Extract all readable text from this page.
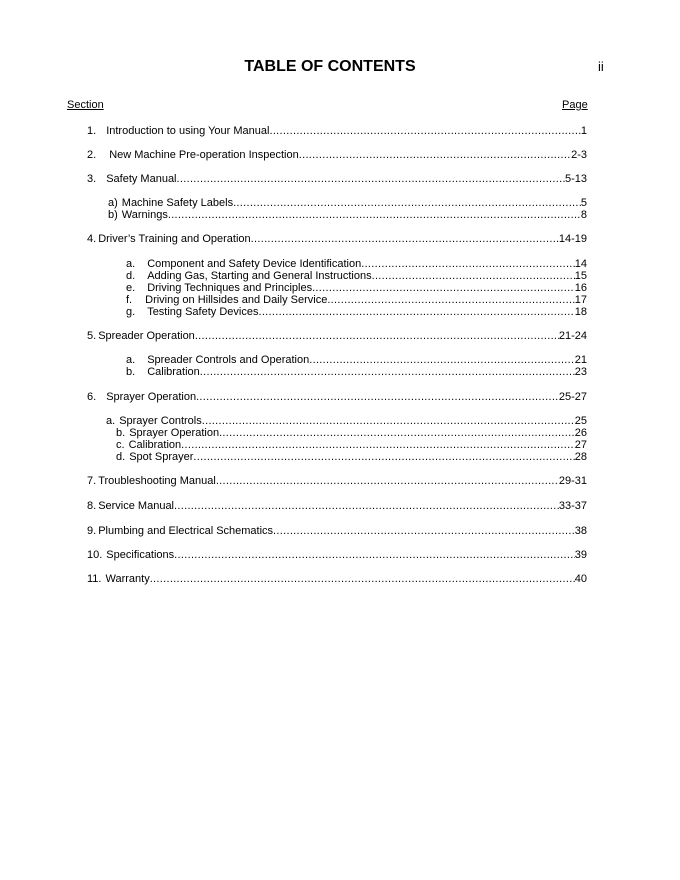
TABLE OF CONTENTS	ii
Section	Page
1. Introduction to using Your Manual .....	1
2. New Machine Pre-operation Inspection .....	2-3
3. Safety Manual .....	5-13
a) Machine Safety Labels .....	5
b) Warnings .....	8
4. Driver’s Training and Operation .....	14-19
a. Component and Safety Device Identification .....	14
d. Adding Gas, Starting and General Instructions .....	15
e. Driving Techniques and Principles .....	16
f. Driving on Hillsides and Daily Service .....	17
g. Testing Safety Devices .....	18
5. Spreader Operation .....	21-24
a. Spreader Controls and Operation .....	21
b. Calibration .....	23
6. Sprayer Operation .....	25-27
a. Sprayer Controls .....	25
b. Sprayer Operation .....	26
c. Calibration .....	27
d. Spot Sprayer .....	28
7. Troubleshooting Manual .....	29-31
8. Service Manual .....	33-37
9. Plumbing and Electrical Schematics .....	38
10. Specifications .....	39
11. Warranty .....	40
